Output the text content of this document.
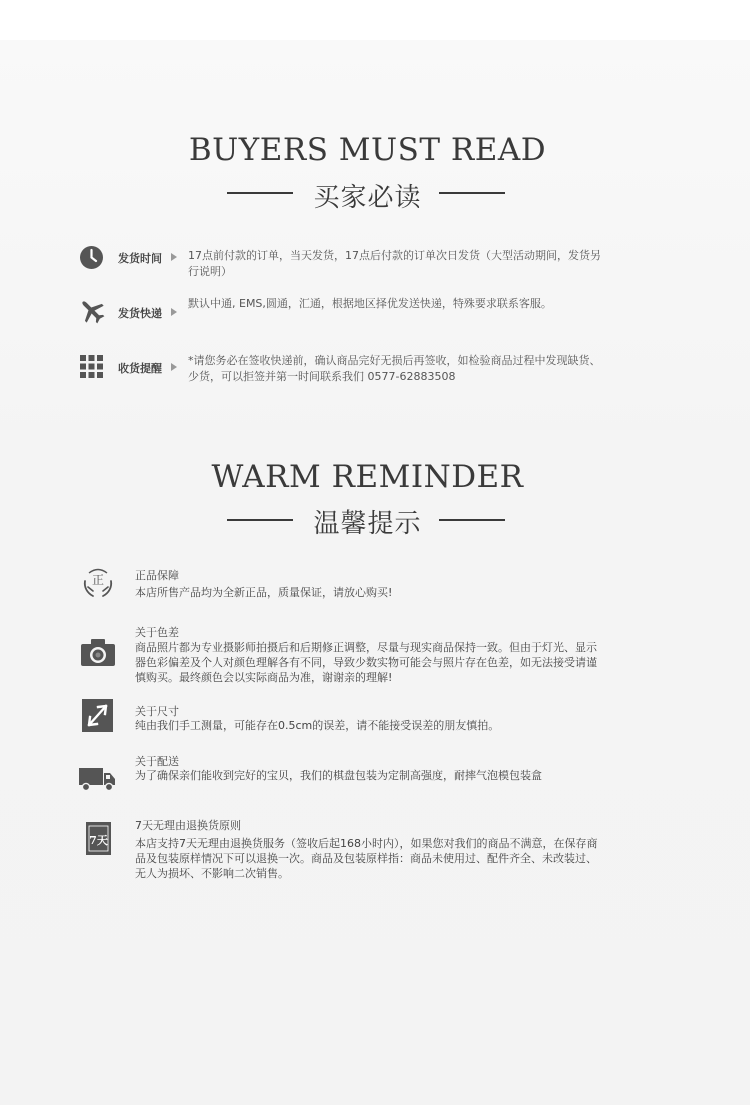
BUYERS MUST READ
买家必读
发货时间 17点前付款的订单，当天发货，17点后付款的订单次日发货（大型活动期间，发货另行说明）
发货快递
默认中通, EMS,圆通，汇通，根据地区择优发送快递，特殊要求联系客服。
收货提醒
*请您务必在签收快递前，确认商品完好无损后再签收，如检验商品过程中发现缺货、少货，可以拒签并第一时间联系我们 0577-62883508
WARM REMINDER
温馨提示
正	正品保障
本店所售产品均为全新正品，质量保证，请放心购买!
关于色差
商品照片都为专业摄影师拍摄后和后期修正调整，尽量与现实商品保持一致。但由于灯光、显示器色彩偏差及个人对颜色理解各有不同，导致少数实物可能会与照片存在色差，如无法接受请谨慎购买。最终颜色会以实际商品为准，谢谢亲的理解!
关于尺寸
纯由我们手工测量，可能存在0.5cm的误差，请不能接受误差的朋友慎拍。
关于配送
为了确保亲们能收到完好的宝贝，我们的棋盘包装为定制高强度，耐摔气泡模包装盒
7天
7天无理由退换货原则
本店支持7天无理由退换货服务（签收后起168小时内），如果您对我们的商品不满意，在保存商品及包装原样情况下可以退换一次。商品及包装原样指：商品未使用过、配件齐全、未改装过、无人为损坏、不影响二次销售。
